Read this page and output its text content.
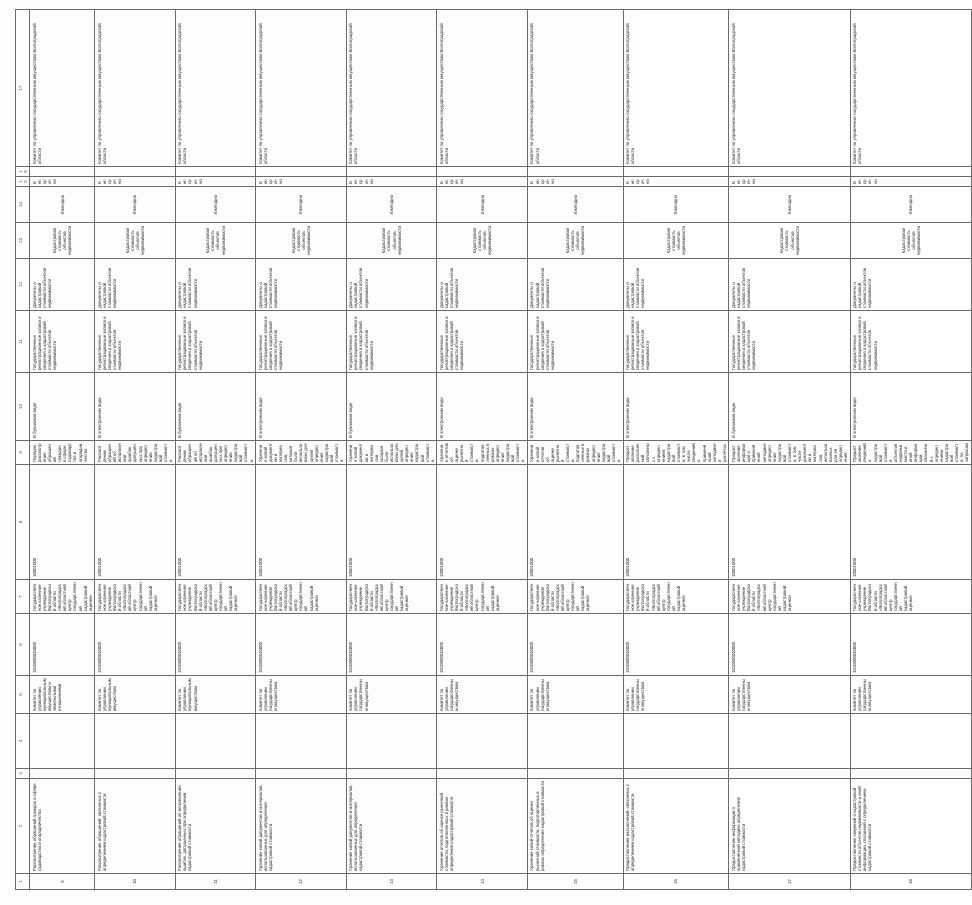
1	2	3	4	5	6	7	8	9	10	11	12	13	14	15	16	17
9	Рассмотрение обращений граждан в сфере садоводства и огородничества			Комитет по управлению муниципальным имуществом и земельными отношениями	1810800040000	Государственное казенное учреждение Волгоградской области «Волгоградский областной центр государственной кадастровой оценки»	18001000	Порядок рассмотрения обращений граждан в сфере садоводства и огородничества	В бумажном виде	Государственные регистрационные записи и сведения о кадастровой стоимости объектов недвижимости	Документы о кадастровой стоимости объектов недвижимости	Кадастровая стоимость объектов недвижимости	Ежегодно	Бессрочно		Комитет по управлению государственным имуществом Волгоградской области
10	Рассмотрение обращений, связанных с определением кадастровой стоимости			Комитет по управлению муниципальным имуществом	1810800040000	Государственное казенное учреждение Волгоградской области «Волгоградский областной центр государственной кадастровой оценки»	18001000	Рассмотрение обращений об исправлении ошибок, допущенных при определении кадастровой стоимости	В электронном виде	Государственные регистрационные записи и сведения о кадастровой стоимости объектов недвижимости	Документы о кадастровой стоимости объектов недвижимости	Кадастровая стоимость объектов недвижимости	Ежегодно	Бессрочно		Комитет по управлению государственным имуществом Волгоградской области
11	Рассмотрение обращений об исправлении ошибок, допущенных при определении кадастровой стоимости			Комитет по управлению муниципальным имуществом	1810800040000	Государственное казенное учреждение Волгоградской области «Волгоградский областной центр государственной кадастровой оценки»	18001000	Рассмотрение обращений об исправлении ошибок, допущенных при определении кадастровой стоимости	В бумажном виде	Государственные регистрационные записи и сведения о кадастровой стоимости объектов недвижимости	Документы о кадастровой стоимости объектов недвижимости	Кадастровая стоимость объектов недвижимости	Ежегодно	Бессрочно		Комитет по управлению государственным имуществом Волгоградской области
12	Хранение копий документов и материалов, использованных для определения кадастровой стоимости			Комитет по управлению государственным имуществом	1810800040000	Государственное казенное учреждение Волгоградской области «Волгоградский областной центр государственной кадастровой оценки»	18001000	Хранение копий документов и материалов, которые были использованы для целей определения кадастровой стоимости	В электронном виде	Государственные регистрационные записи и сведения о кадастровой стоимости объектов недвижимости	Документы о кадастровой стоимости объектов недвижимости	Кадастровая стоимость объектов недвижимости	Ежегодно	Бессрочно		Комитет по управлению государственным имуществом Волгоградской области
13	Хранение копий документов и материалов, использованных для определения кадастровой стоимости			Комитет по управлению государственным имуществом	1810800040000	Государственное казенное учреждение Волгоградской области «Волгоградский областной центр государственной кадастровой оценки»	18001000	Хранение копий документов и материалов, которые были использованы для целей определения кадастровой стоимости	В бумажном виде	Государственные регистрационные записи и сведения о кадастровой стоимости объектов недвижимости	Документы о кадастровой стоимости объектов недвижимости	Кадастровая стоимость объектов недвижимости	Ежегодно	Бессрочно		Комитет по управлению государственным имуществом Волгоградской области
14	Хранение отчетов об оценке рыночной стоимости, подготовленных в рамках определения кадастровой стоимости			Комитет по управлению государственным имуществом	1810800040000	Государственное казенное учреждение Волгоградской области «Волгоградский областной центр государственной кадастровой оценки»	18001000	Хранение отчетов об оценке рыночной стоимости, подготовленных в рамках определения кадастровой стоимости	В электронном виде	Государственные регистрационные записи и сведения о кадастровой стоимости объектов недвижимости	Документы о кадастровой стоимости объектов недвижимости	Кадастровая стоимость объектов недвижимости	Ежегодно	Бессрочно		Комитет по управлению государственным имуществом Волгоградской области
15	Хранение копий отчетов об оценке рыночной стоимости, подготовленных в рамках определения кадастровой стоимости			Комитет по управлению государственным имуществом	1810800040000	Государственное казенное учреждение Волгоградской области «Волгоградский областной центр государственной кадастровой оценки»	18001000	Хранение копий отчетов об оценке рыночной стоимости, подготовленных в рамках определения кадастровой стоимости	В электронном виде	Государственные регистрационные записи и сведения о кадастровой стоимости объектов недвижимости	Документы о кадастровой стоимости объектов недвижимости	Кадастровая стоимость объектов недвижимости	Ежегодно	Бессрочно		Комитет по управлению государственным имуществом Волгоградской области
16	Предоставление разъяснений, связанных с определением кадастровой стоимости			Комитет по управлению государственным имуществом	1810800040000	Государственное казенное учреждение Волгоградской области «Волгоградский областной центр государственной кадастровой оценки»	18001000	Предоставление разъяснений, связанных с определением кадастровой стоимости, в том числе сведений о применённой методике и расчётах	В электронном виде	Государственные регистрационные записи и сведения о кадастровой стоимости объектов недвижимости	Документы о кадастровой стоимости объектов недвижимости	Кадастровая стоимость объектов недвижимости	Ежегодно	Бессрочно		Комитет по управлению государственным имуществом Волгоградской области
17	Предоставление информации о применённой методике определения кадастровой стоимости			Комитет по управлению государственным имуществом	1810800040000	Государственное казенное учреждение Волгоградской области «Волгоградский областной центр государственной кадастровой оценки»	18001000	Предоставление информации о применённой методике определения кадастровой стоимости, в том числе документов и материалов, использованных для её определения	В бумажном виде	Государственные регистрационные записи и сведения о кадастровой стоимости объектов недвижимости	Документы о кадастровой стоимости объектов недвижимости	Кадастровая стоимость объектов недвижимости	Ежегодно	Бессрочно		Комитет по управлению государственным имуществом Волгоградской области
18	Предоставление сведений о кадастровой стоимости объектов недвижимости и иной информации, связанной с определением кадастровой стоимости			Комитет по управлению государственным имуществом	1810800040000	Государственное казенное учреждение Волгоградской области «Волгоградский областной центр государственной кадастровой оценки»	18001000	Предоставление сведений о кадастровой стоимости объектов недвижимости и иной информации, связанной с определением кадастровой стоимости, по запросам	В электронном виде	Государственные регистрационные записи и сведения о кадастровой стоимости объектов недвижимости	Документы о кадастровой стоимости объектов недвижимости	Кадастровая стоимость объектов недвижимости	Ежегодно	Бессрочно		Комитет по управлению государственным имуществом Волгоградской области
